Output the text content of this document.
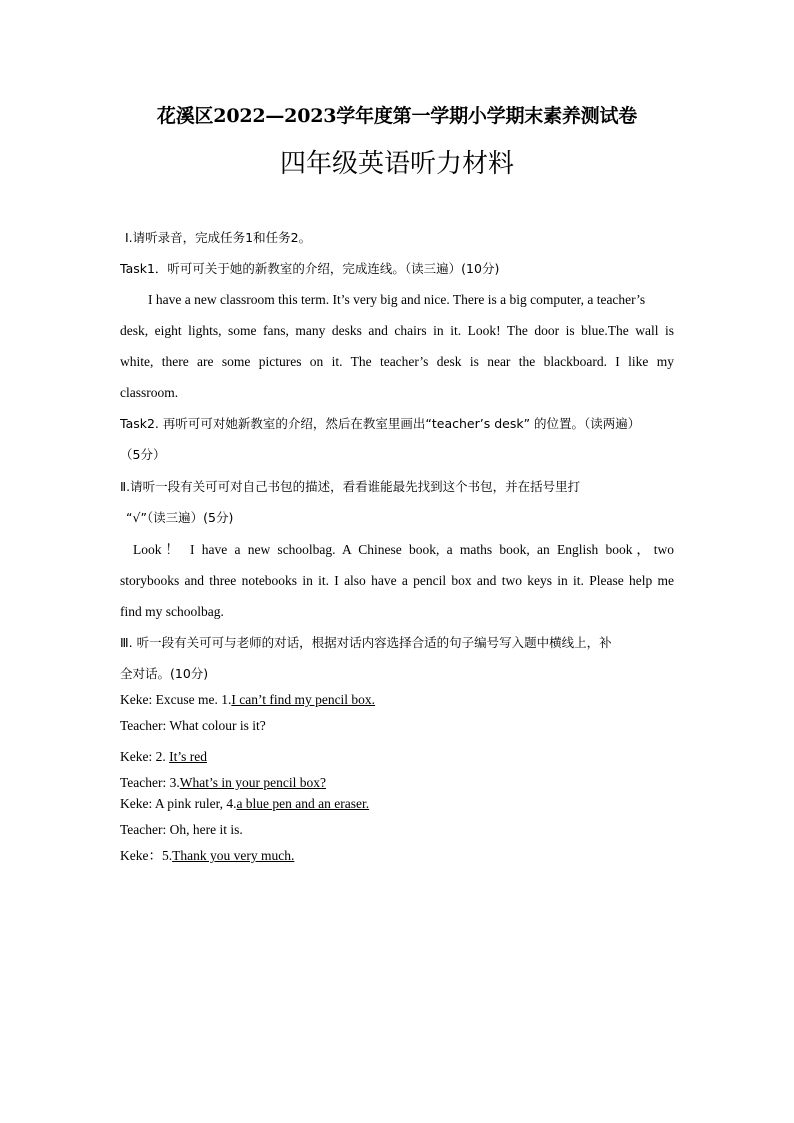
花溪区2022—2023学年度第一学期小学期末素养测试卷
四年级英语听力材料
Ⅰ.请听录音，完成任务1和任务2。
Task1．听可可关于她的新教室的介绍，完成连线。（读三遍）(10分)
I have a new classroom this term. It’s very big and nice. There is a big computer, a teacher’s
desk, eight lights, some fans, many desks and chairs in it. Look! The door is blue.The wall is
white, there are some pictures on it. The teacher’s desk is near the blackboard. I like my
classroom.
Task2. 再听可可对她新教室的介绍，然后在教室里画出“teacher’s desk” 的位置。（读两遍）
（5分）
Ⅱ.请听一段有关可可对自己书包的描述，看看谁能最先找到这个书包，并在括号里打
“√”（读三遍）(5分)
Look！ I have a new schoolbag. A Chinese book, a maths book, an English book，two
storybooks and three notebooks in it. I also have a pencil box and two keys in it. Please help me
find my schoolbag.
Ⅲ. 听一段有关可可与老师的对话，根据对话内容选择合适的句子编号写入题中横线上，补
全对话。(10分)
Keke: Excuse me. 1.I can’t find my pencil box.
Teacher: What colour is it?
Keke: 2. It’s red
Teacher: 3.What’s in your pencil box?
Keke: A pink ruler, 4.a blue pen and an eraser.
Teacher: Oh, here it is.
Keke：5.Thank you very much.
